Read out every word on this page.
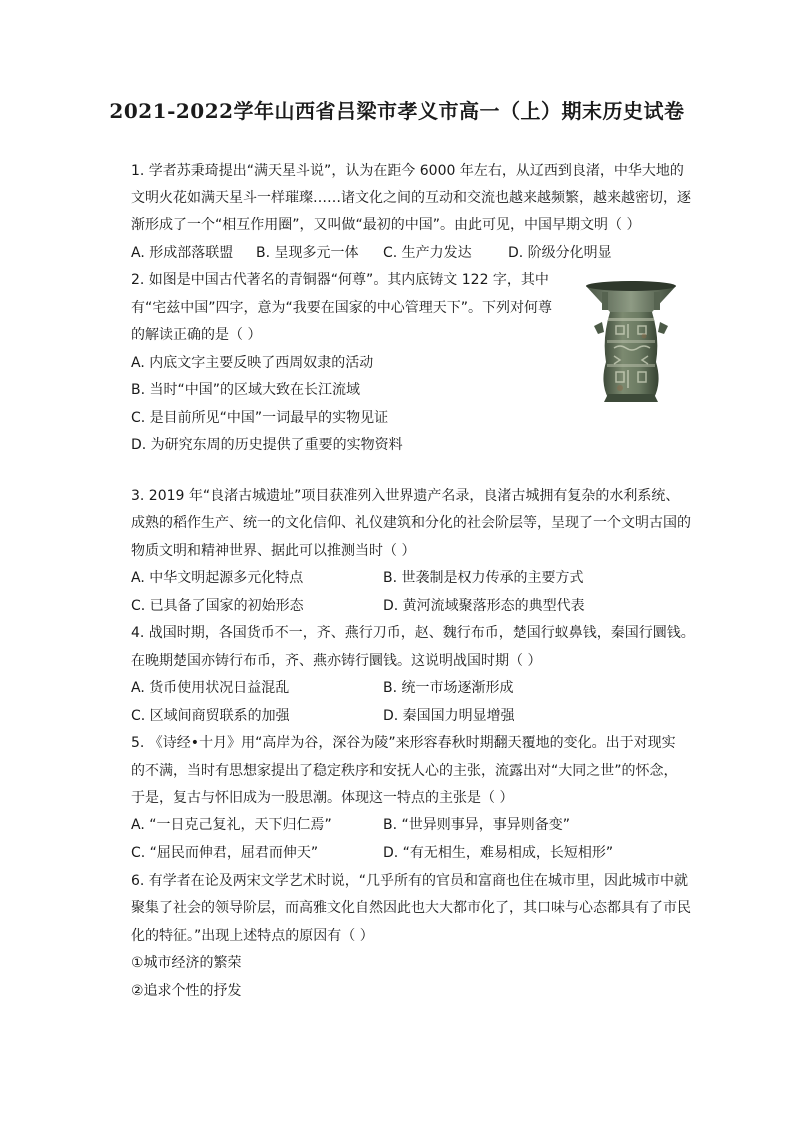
2021-2022学年山西省吕梁市孝义市高一（上）期末历史试卷
1. 学者苏秉琦提出“满天星斗说”，认为在距今 6000 年左右，从辽西到良渚，中华大地的
文明火花如满天星斗一样璀璨……诸文化之间的互动和交流也越来越频繁，越来越密切，逐
渐形成了一个“相互作用圈”，又叫做“最初的中国”。由此可见，中国早期文明（ ）
A. 形成部落联盟 B. 呈现多元一体 C. 生产力发达	D. 阶级分化明显
2. 如图是中国古代著名的青铜器“何尊”。其内底铸文 122 字，其中
有“宅兹中国”四字，意为“我要在国家的中心管理天下”。下列对何尊
的解读正确的是（ ）
A. 内底文字主要反映了西周奴隶的活动
B. 当时“中国”的区域大致在长江流域
C. 是目前所见“中国”一词最早的实物见证
D. 为研究东周的历史提供了重要的实物资料
3. 2019 年“良渚古城遗址”项目获准列入世界遗产名录，良渚古城拥有复杂的水利系统、
成熟的稻作生产、统一的文化信仰、礼仪建筑和分化的社会阶层等，呈现了一个文明古国的
物质文明和精神世界、据此可以推测当时（ ）
A. 中华文明起源多元化特点	B. 世袭制是权力传承的主要方式
C. 已具备了国家的初始形态	D. 黄河流域聚落形态的典型代表
4. 战国时期，各国货币不一，齐、燕行刀币，赵、魏行布币，楚国行蚁鼻钱，秦国行圜钱。
在晚期楚国亦铸行布币，齐、燕亦铸行圜钱。这说明战国时期（ ）
A. 货币使用状况日益混乱	B. 统一市场逐渐形成
C. 区域间商贸联系的加强	D. 秦国国力明显增强
5. 《诗经•十月》用“高岸为谷，深谷为陵”来形容春秋时期翻天覆地的变化。出于对现实
的不满，当时有思想家提出了稳定秩序和安抚人心的主张，流露出对“大同之世”的怀念，
于是，复古与怀旧成为一股思潮。体现这一特点的主张是（ ）
A. “一日克己复礼，天下归仁焉”	B. “世异则事异，事异则备变”
C. “屈民而伸君，屈君而伸天”	D. “有无相生，难易相成，长短相形”
6. 有学者在论及两宋文学艺术时说，“几乎所有的官员和富商也住在城市里，因此城市中就
聚集了社会的领导阶层，而高雅文化自然因此也大大都市化了，其口味与心态都具有了市民
化的特征。”出现上述特点的原因有（ ）
①城市经济的繁荣
②追求个性的抒发
